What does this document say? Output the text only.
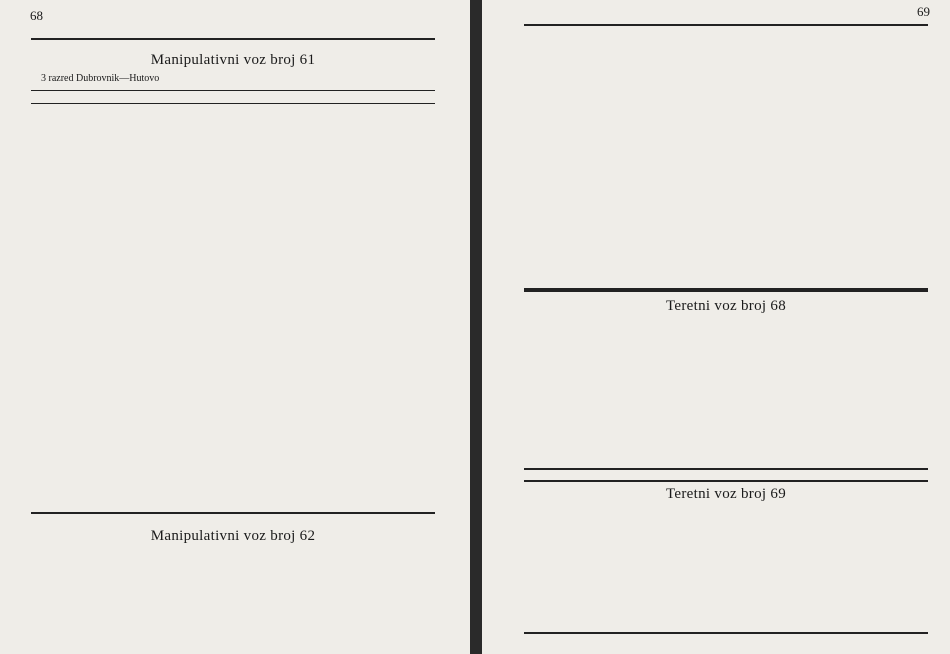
68
Manipulativni voz broj 61
3 razred Dubrovnik—Hutovo
Manipulativni voz broj 62
69
Teretni voz broj 68
Teretni voz broj 69
